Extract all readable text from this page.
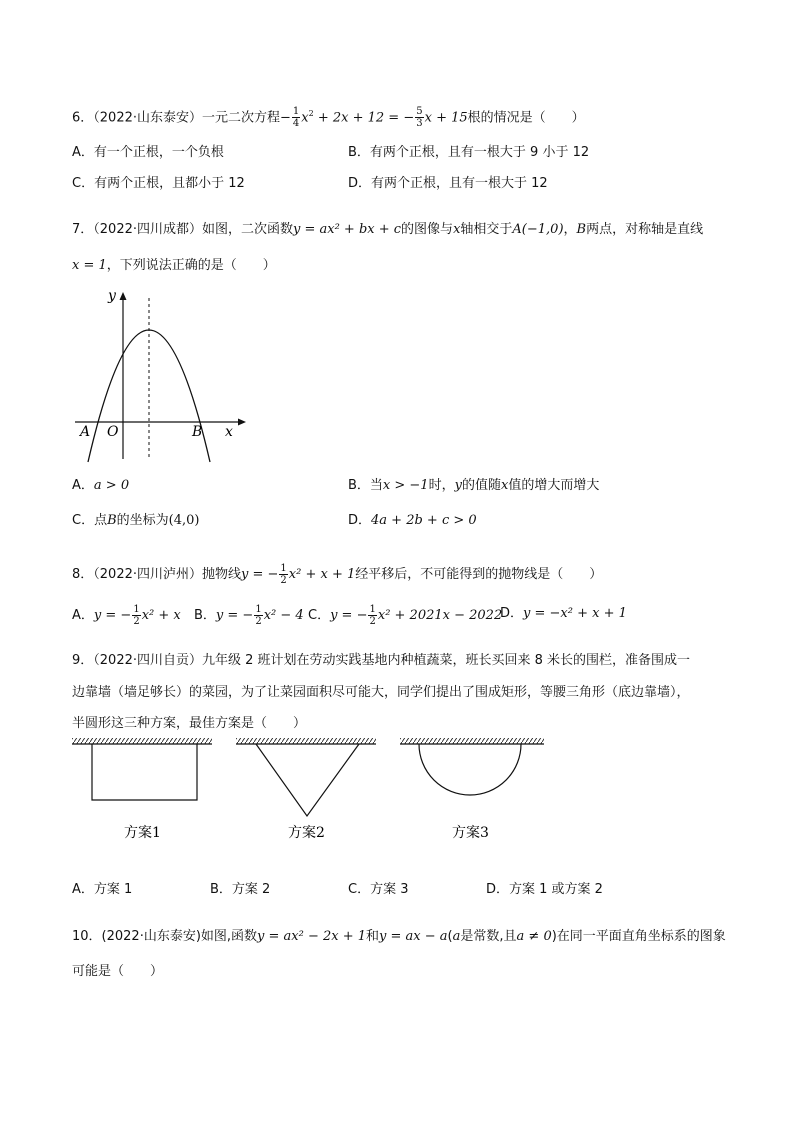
6．（2022·山东泰安）一元二次方程− $\frac{1}{4} x^2 + 2x + 12$ = − $\frac{5}{3}$ x + 15根的情况是（　　）
A．有一个正根，一个负根	B．有两个正根，且有一根大于 9 小于 12
C．有两个正根，且都小于 12	D．有两个正根，且有一根大于 12
7．（2022·四川成都）如图，二次函数y = ax² + bx + c的图像与x轴相交于A(−1,0)，B两点，对称轴是直线
x = 1，下列说法正确的是（　　）
y
x
A O	B
A．a > 0	B．当x > −1时，y的值随x值的增大而增大
C．点B的坐标为(4,0)	D．4a + 2b + c > 0
8．（2022·四川泸州）抛物线y = − $\frac{1}{2} x^2 + x + 1$经平移后，不可能得到的抛物线是（　　）
A．y = − $\frac{1}{2} x^2 + x$ B．y = − $\frac{1}{2} x^2 - 4$ C．y = − $\frac{1}{2} x^2 + 2021x - 2022$
D．y = −x² + x + 1
9．（2022·四川自贡）九年级 2 班计划在劳动实践基地内种植蔬菜，班长买回来 8 米长的围栏，准备围成一
边靠墙（墙足够长）的菜园，为了让菜园面积尽可能大，同学们提出了围成矩形，等腰三角形（底边靠墙），
半圆形这三种方案，最佳方案是（　　）
方案1	方案2	方案3
A．方案 1	B．方案 2	C．方案 3	D．方案 1 或方案 2
10．(2022·山东泰安)如图,函数y = ax² − 2x + 1和y = ax − a(a是常数,且a ≠ 0)在同一平面直角坐标系的图象
可能是（　　）
